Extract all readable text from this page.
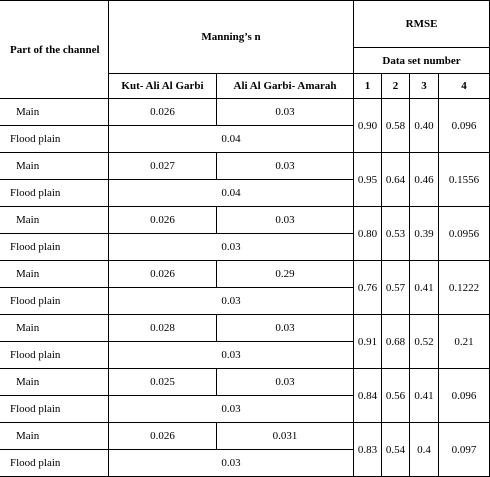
Part of the channel	Manning’s n		RMSE			
			Data set number			
	Kut- Ali Al Garbi	Ali Al Garbi- Amarah	1	2	3	4
Main	0.026	0.03	0.90	0.58	0.40	0.096
Flood plain	0.04					
Main	0.027	0.03	0.95	0.64	0.46	0.1556
Flood plain	0.04					
Main	0.026	0.03	0.80	0.53	0.39	0.0956
Flood plain	0.03					
Main	0.026	0.29	0.76	0.57	0.41	0.1222
Flood plain	0.03					
Main	0.028	0.03	0.91	0.68	0.52	0.21
Flood plain	0.03					
Main	0.025	0.03	0.84	0.56	0.41	0.096
Flood plain	0.03					
Main	0.026	0.031	0.83	0.54	0.4	0.097
Flood plain	0.03					
